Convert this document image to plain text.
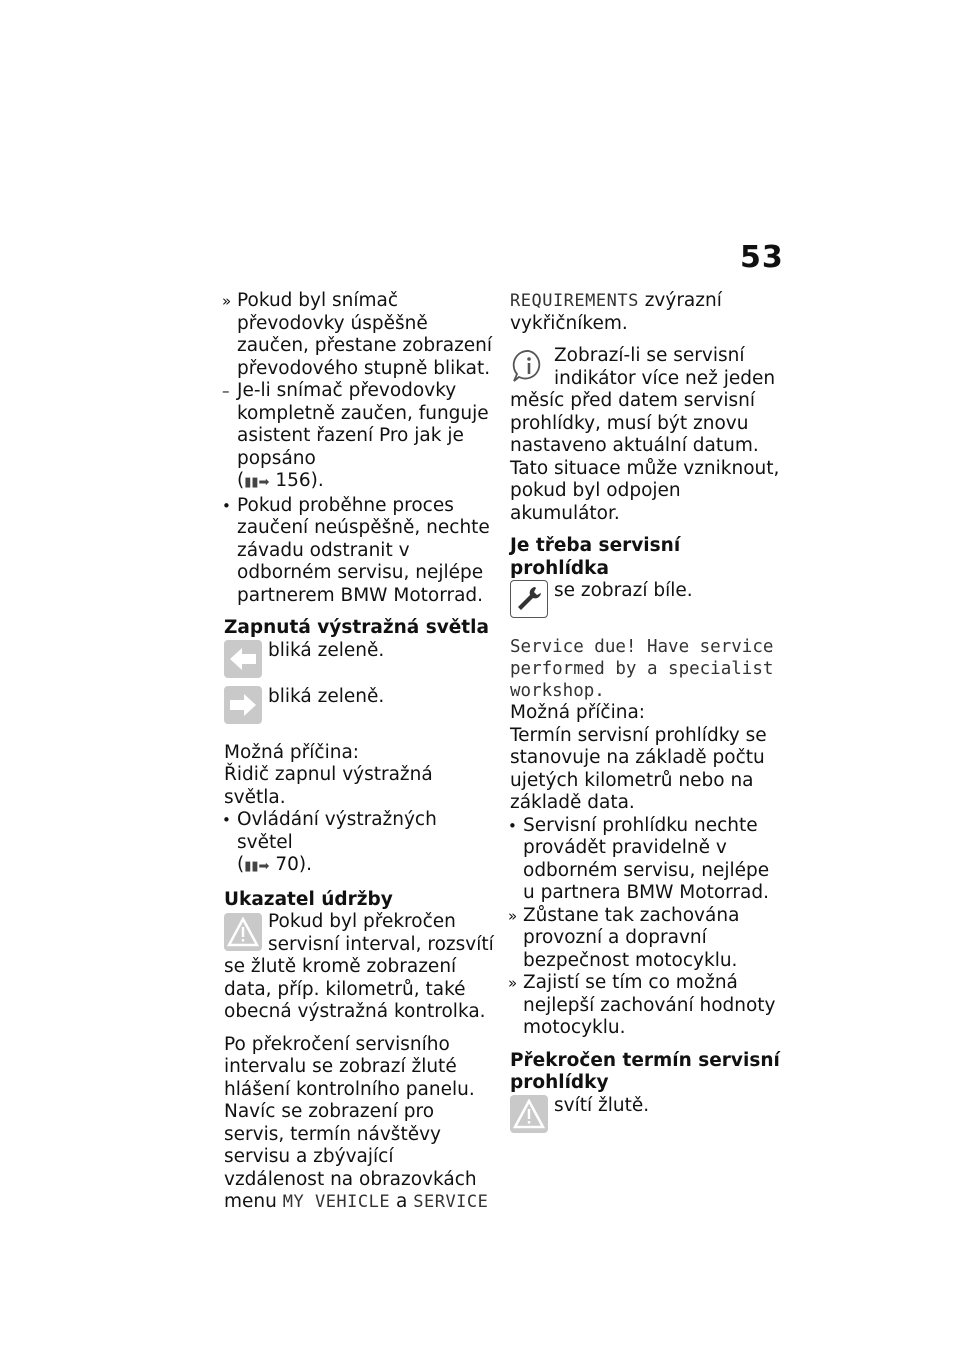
53
» Pokud byl snímač převodovky úspěšně zaučen, přestane zobrazení převodového stupně blikat.
– Je-li snímač převodovky kompletně zaučen, funguje asistent řazení Pro jak je popsáno
(▮▮➡ 156).
• Pokud proběhne proces zaučení neúspěšně, nechte závadu odstranit v odborném servisu, nejlépe partnerem BMW Motorrad.

Zapnutá výstražná světla

bliká zeleně.
bliká zeleně.

Možná příčina:

Řidič zapnul výstražná světla.

• Ovládání výstražných světel
(▮▮➡ 70).

Ukazatel údržby

Pokud byl překročen servisní interval, rozsvítí se žlutě kromě zobrazení data, příp. kilometrů, také obecná výstražná kontrolka.

Po překročení servisního intervalu se zobrazí žluté hlášení kontrolního panelu. Navíc se zobrazení pro servis, termín návštěvy servisu a zbývající vzdálenost na obrazovkách menu MY VEHICLE a SERVICE

REQUIREMENTS zvýrazní vykřičníkem.

Zobrazí-li se servisní indikátor více než jeden měsíc před datem servisní prohlídky, musí být znovu nastaveno aktuální datum. Tato situace může vzniknout, pokud byl odpojen akumulátor.

Je třeba servisní prohlídka

se zobrazí bíle.

Service due! Have service performed by a specialist workshop.

Možná příčina:

Termín servisní prohlídky se stanovuje na základě počtu ujetých kilometrů nebo na základě data.

• Servisní prohlídku nechte provádět pravidelně v odborném servisu, nejlépe u partnera BMW Motorrad.
» Zůstane tak zachována provozní a dopravní bezpečnost motocyklu.
» Zajistí se tím co možná nejlepší zachování hodnoty motocyklu.

Překročen termín servisní prohlídky

svítí žlutě.
